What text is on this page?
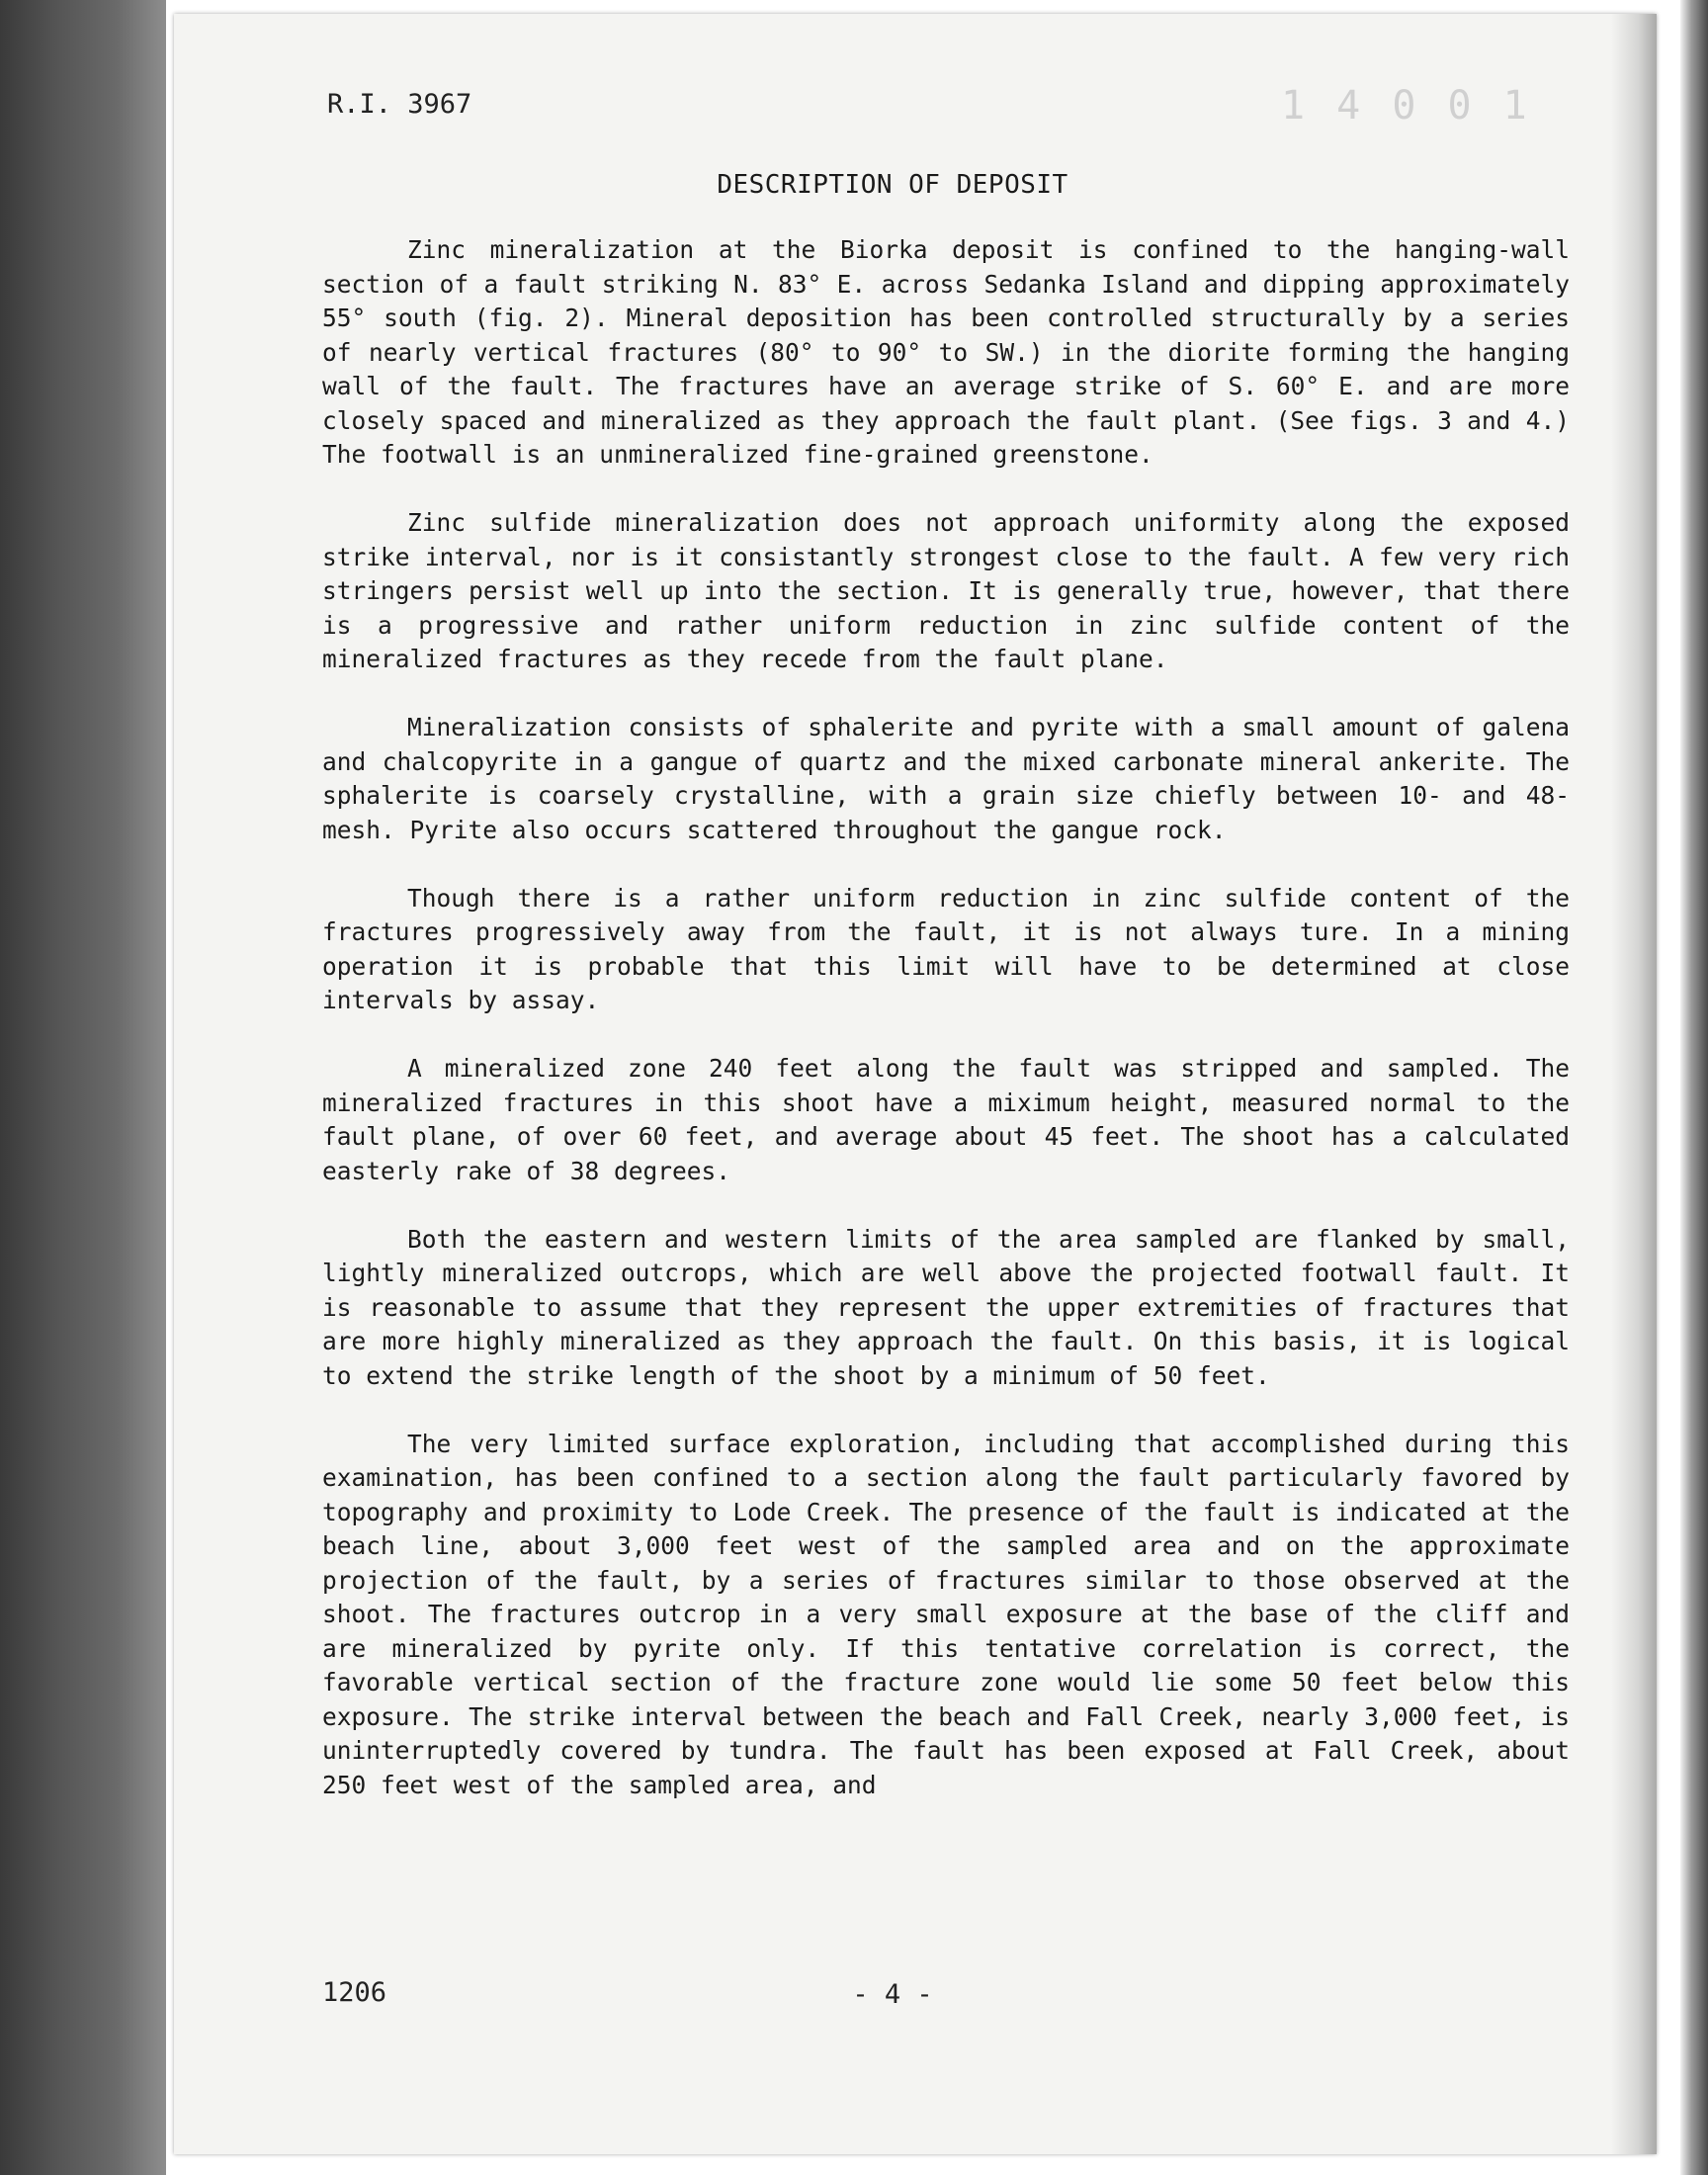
R.I. 3967	1 4 0 0 1
DESCRIPTION OF DEPOSIT

Zinc mineralization at the Biorka deposit is confined to the hanging-wall section of a fault striking N. 83° E. across Sedanka Island and dipping approximately 55° south (fig. 2). Mineral deposition has been controlled structurally by a series of nearly vertical fractures (80° to 90° to SW.) in the diorite forming the hanging wall of the fault. The fractures have an average strike of S. 60° E. and are more closely spaced and mineralized as they approach the fault plant. (See figs. 3 and 4.) The footwall is an unmineralized fine-grained greenstone.

Zinc sulfide mineralization does not approach uniformity along the exposed strike interval, nor is it consistantly strongest close to the fault. A few very rich stringers persist well up into the section. It is generally true, however, that there is a progressive and rather uniform reduction in zinc sulfide content of the mineralized fractures as they recede from the fault plane.

Mineralization consists of sphalerite and pyrite with a small amount of galena and chalcopyrite in a gangue of quartz and the mixed carbonate mineral ankerite. The sphalerite is coarsely crystalline, with a grain size chiefly between 10- and 48-mesh. Pyrite also occurs scattered throughout the gangue rock.

Though there is a rather uniform reduction in zinc sulfide content of the fractures progressively away from the fault, it is not always ture. In a mining operation it is probable that this limit will have to be determined at close intervals by assay.

A mineralized zone 240 feet along the fault was stripped and sampled. The mineralized fractures in this shoot have a miximum height, measured normal to the fault plane, of over 60 feet, and average about 45 feet. The shoot has a calculated easterly rake of 38 degrees.

Both the eastern and western limits of the area sampled are flanked by small, lightly mineralized outcrops, which are well above the projected footwall fault. It is reasonable to assume that they represent the upper extremities of fractures that are more highly mineralized as they approach the fault. On this basis, it is logical to extend the strike length of the shoot by a minimum of 50 feet.

The very limited surface exploration, including that accomplished during this examination, has been confined to a section along the fault particularly favored by topography and proximity to Lode Creek. The presence of the fault is indicated at the beach line, about 3,000 feet west of the sampled area and on the approximate projection of the fault, by a series of fractures similar to those observed at the shoot. The fractures outcrop in a very small exposure at the base of the cliff and are mineralized by pyrite only. If this tentative correlation is correct, the favorable vertical section of the fracture zone would lie some 50 feet below this exposure. The strike interval between the beach and Fall Creek, nearly 3,000 feet, is uninterruptedly covered by tundra. The fault has been exposed at Fall Creek, about 250 feet west of the sampled area, and

1206	- 4 -
